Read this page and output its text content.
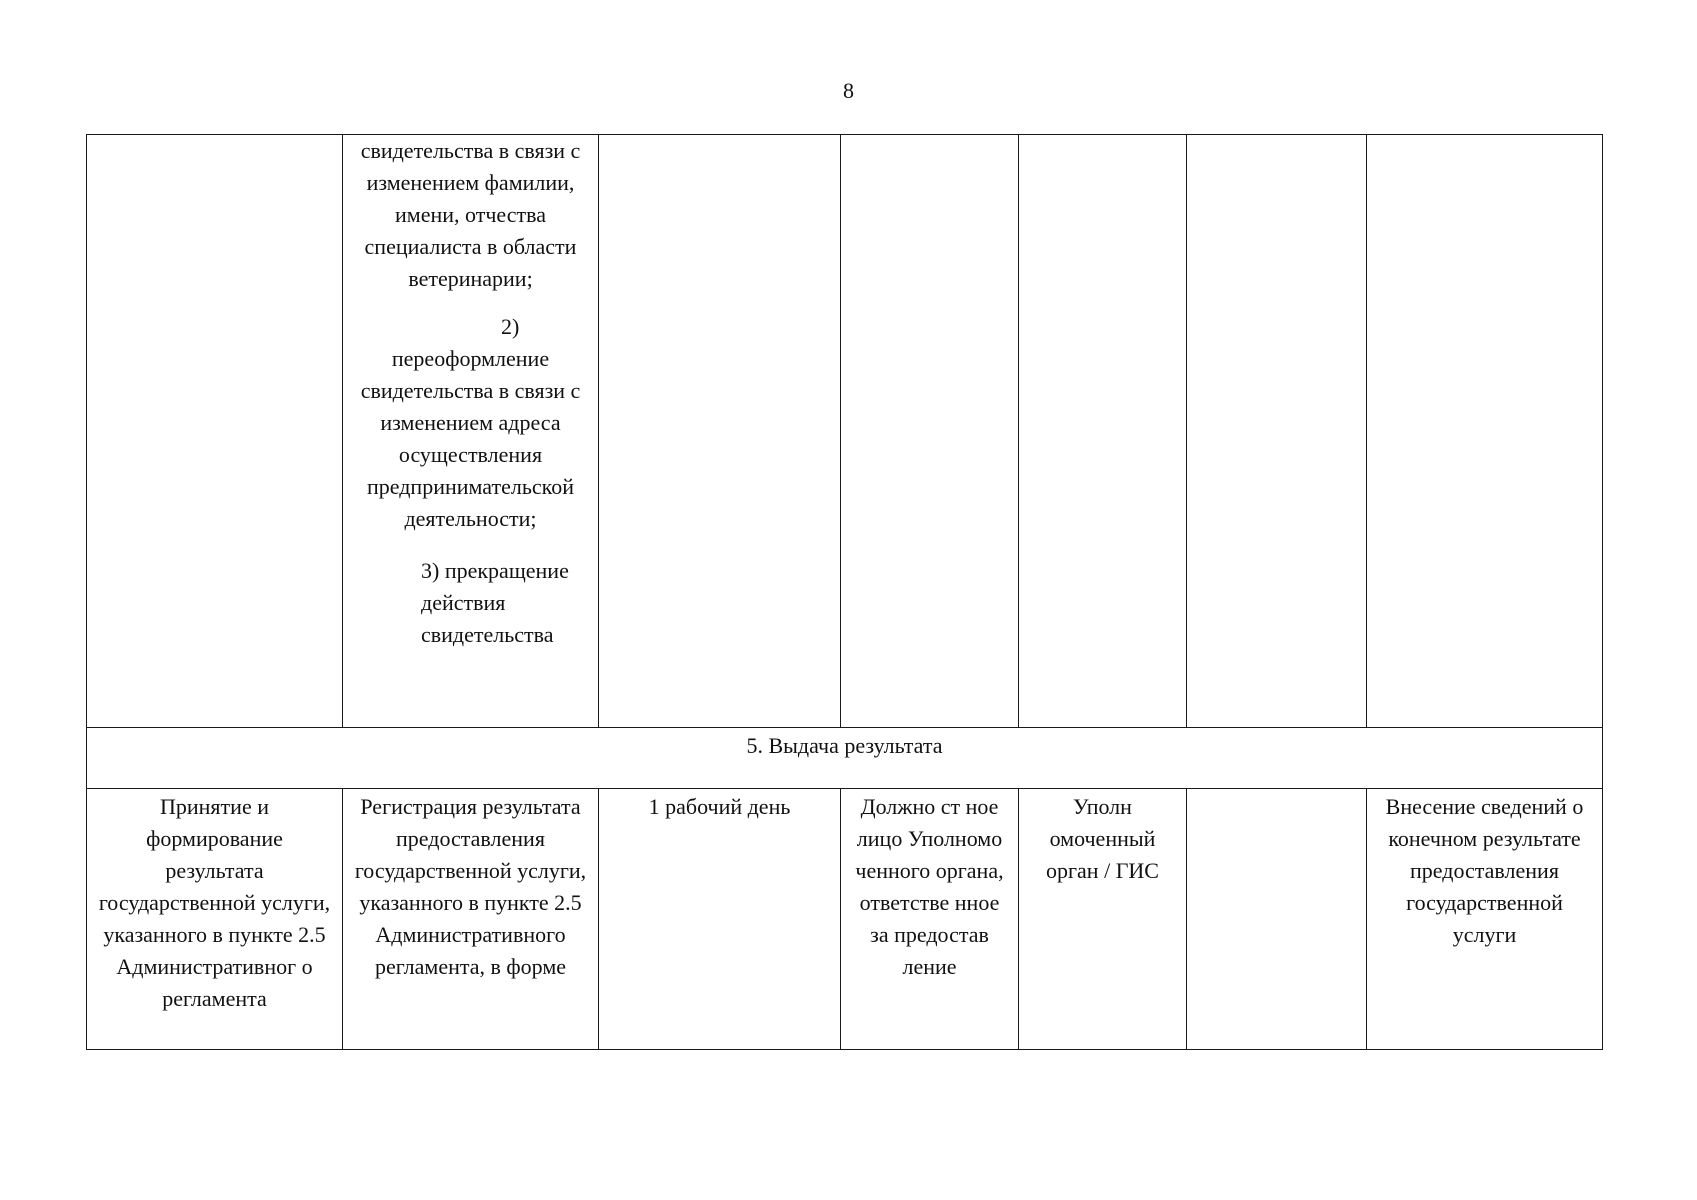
8

	свидетельства в связи с изменением фамилии, имени, отчества специалиста в области ветеринарии;

2)
переоформление свидетельства в связи с изменением адреса осуществления предпринимательской деятельности;

3) прекращение действия свидетельства					

5. Выдача результата						
Принятие и формирование результата государственной услуги, указанного в пункте 2.5 Административног о регламента	Регистрация результата предоставления государственной услуги, указанного в пункте 2.5 Административного регламента, в форме	1 рабочий день	Должно ст ное лицо Уполномо ченного органа, ответстве нное за предостав ление	Уполн омоченный орган / ГИС		Внесение сведений о конечном результате предоставления государственной услуги
